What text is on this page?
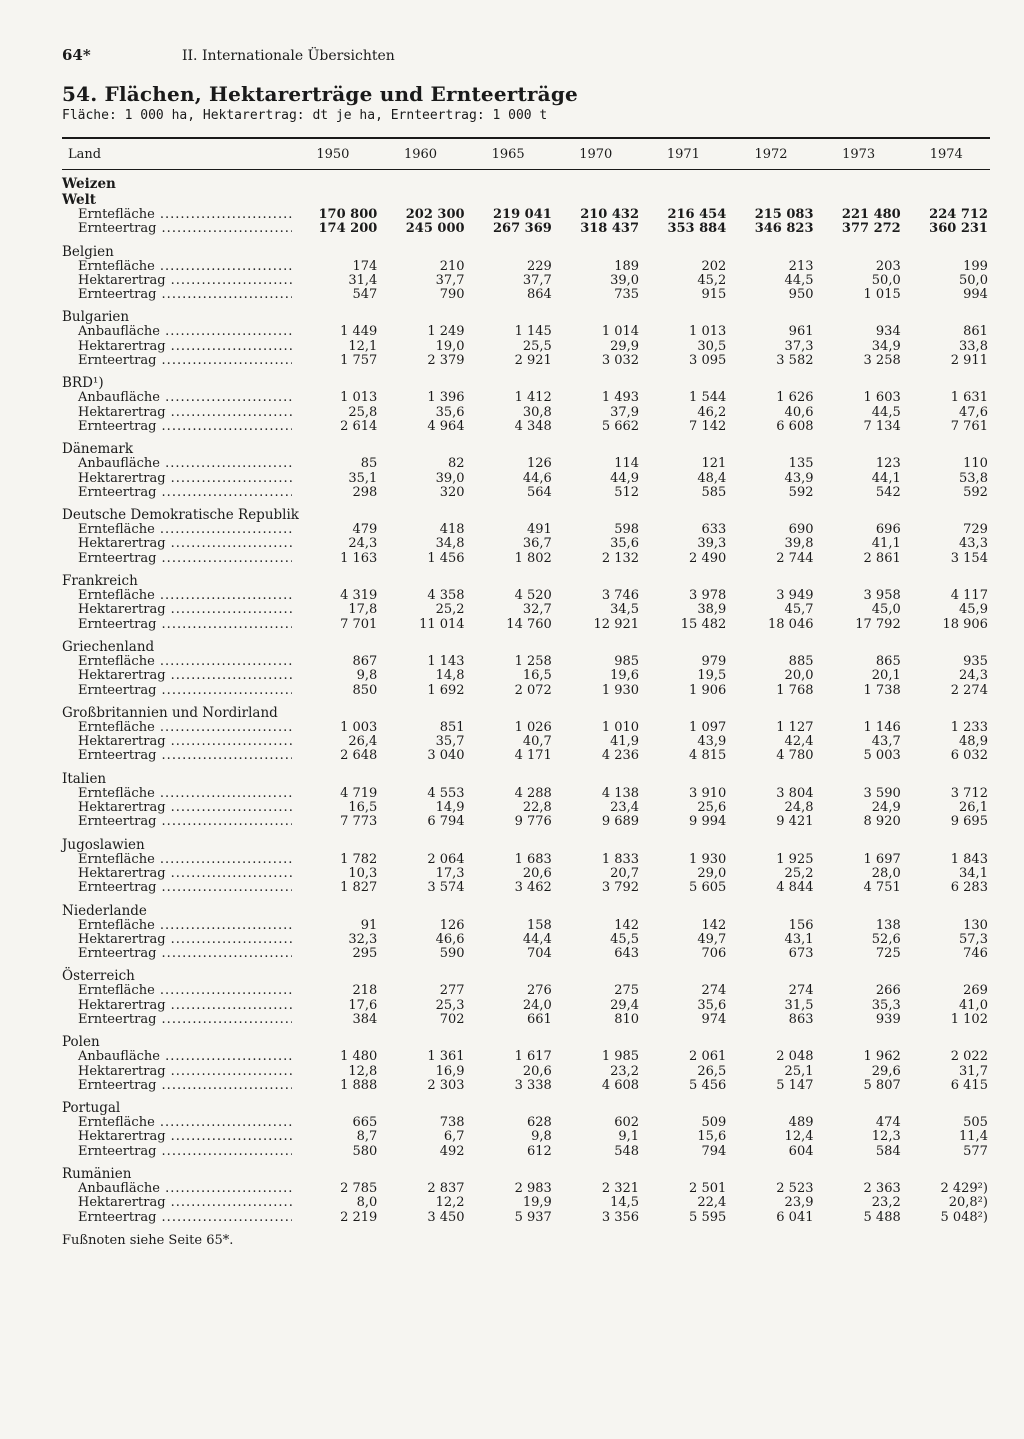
64*	II. Internationale Übersichten
54. Flächen, Hektarerträge und Ernteerträge
Fläche: 1 000 ha, Hektarertrag: dt je ha, Ernteertrag: 1 000 t
Land	1950	1960	1965	1970	1971	1972	1973	1974
Weizen
Welt
Erntefläche .....	170 800	202 300	219 041	210 432	216 454	215 083	221 480	224 712
Ernteertrag .....	174 200	245 000	267 369	318 437	353 884	346 823	377 272	360 231
Belgien
Erntefläche .....	174	210	229	189	202	213	203	199
Hektarertrag .....	31,4	37,7	37,7	39,0	45,2	44,5	50,0	50,0
Ernteertrag .....	547	790	864	735	915	950	1 015	994
Bulgarien
Anbaufläche .....	1 449	1 249	1 145	1 014	1 013	961	934	861
Hektarertrag .....	12,1	19,0	25,5	29,9	30,5	37,3	34,9	33,8
Ernteertrag .....	1 757	2 379	2 921	3 032	3 095	3 582	3 258	2 911
BRD¹)
Anbaufläche .....	1 013	1 396	1 412	1 493	1 544	1 626	1 603	1 631
Hektarertrag .....	25,8	35,6	30,8	37,9	46,2	40,6	44,5	47,6
Ernteertrag .....	2 614	4 964	4 348	5 662	7 142	6 608	7 134	7 761
Dänemark
Anbaufläche .....	85	82	126	114	121	135	123	110
Hektarertrag .....	35,1	39,0	44,6	44,9	48,4	43,9	44,1	53,8
Ernteertrag .....	298	320	564	512	585	592	542	592
Deutsche Demokratische Republik
Erntefläche .....	479	418	491	598	633	690	696	729
Hektarertrag .....	24,3	34,8	36,7	35,6	39,3	39,8	41,1	43,3
Ernteertrag .....	1 163	1 456	1 802	2 132	2 490	2 744	2 861	3 154
Frankreich
Erntefläche .....	4 319	4 358	4 520	3 746	3 978	3 949	3 958	4 117
Hektarertrag .....	17,8	25,2	32,7	34,5	38,9	45,7	45,0	45,9
Ernteertrag .....	7 701	11 014	14 760	12 921	15 482	18 046	17 792	18 906
Griechenland
Erntefläche .....	867	1 143	1 258	985	979	885	865	935
Hektarertrag .....	9,8	14,8	16,5	19,6	19,5	20,0	20,1	24,3
Ernteertrag .....	850	1 692	2 072	1 930	1 906	1 768	1 738	2 274
Großbritannien und Nordirland
Erntefläche .....	1 003	851	1 026	1 010	1 097	1 127	1 146	1 233
Hektarertrag .....	26,4	35,7	40,7	41,9	43,9	42,4	43,7	48,9
Ernteertrag .....	2 648	3 040	4 171	4 236	4 815	4 780	5 003	6 032
Italien
Erntefläche .....	4 719	4 553	4 288	4 138	3 910	3 804	3 590	3 712
Hektarertrag .....	16,5	14,9	22,8	23,4	25,6	24,8	24,9	26,1
Ernteertrag .....	7 773	6 794	9 776	9 689	9 994	9 421	8 920	9 695
Jugoslawien
Erntefläche .....	1 782	2 064	1 683	1 833	1 930	1 925	1 697	1 843
Hektarertrag .....	10,3	17,3	20,6	20,7	29,0	25,2	28,0	34,1
Ernteertrag .....	1 827	3 574	3 462	3 792	5 605	4 844	4 751	6 283
Niederlande
Erntefläche .....	91	126	158	142	142	156	138	130
Hektarertrag .....	32,3	46,6	44,4	45,5	49,7	43,1	52,6	57,3
Ernteertrag .....	295	590	704	643	706	673	725	746
Österreich
Erntefläche .....	218	277	276	275	274	274	266	269
Hektarertrag .....	17,6	25,3	24,0	29,4	35,6	31,5	35,3	41,0
Ernteertrag .....	384	702	661	810	974	863	939	1 102
Polen
Anbaufläche .....	1 480	1 361	1 617	1 985	2 061	2 048	1 962	2 022
Hektarertrag .....	12,8	16,9	20,6	23,2	26,5	25,1	29,6	31,7
Ernteertrag .....	1 888	2 303	3 338	4 608	5 456	5 147	5 807	6 415
Portugal
Erntefläche .....	665	738	628	602	509	489	474	505
Hektarertrag .....	8,7	6,7	9,8	9,1	15,6	12,4	12,3	11,4
Ernteertrag .....	580	492	612	548	794	604	584	577
Rumänien
Anbaufläche .....	2 785	2 837	2 983	2 321	2 501	2 523	2 363	2 429²)
Hektarertrag .....	8,0	12,2	19,9	14,5	22,4	23,9	23,2	20,8²)
Ernteertrag .....	2 219	3 450	5 937	3 356	5 595	6 041	5 488	5 048²)
Fußnoten siehe Seite 65*.
